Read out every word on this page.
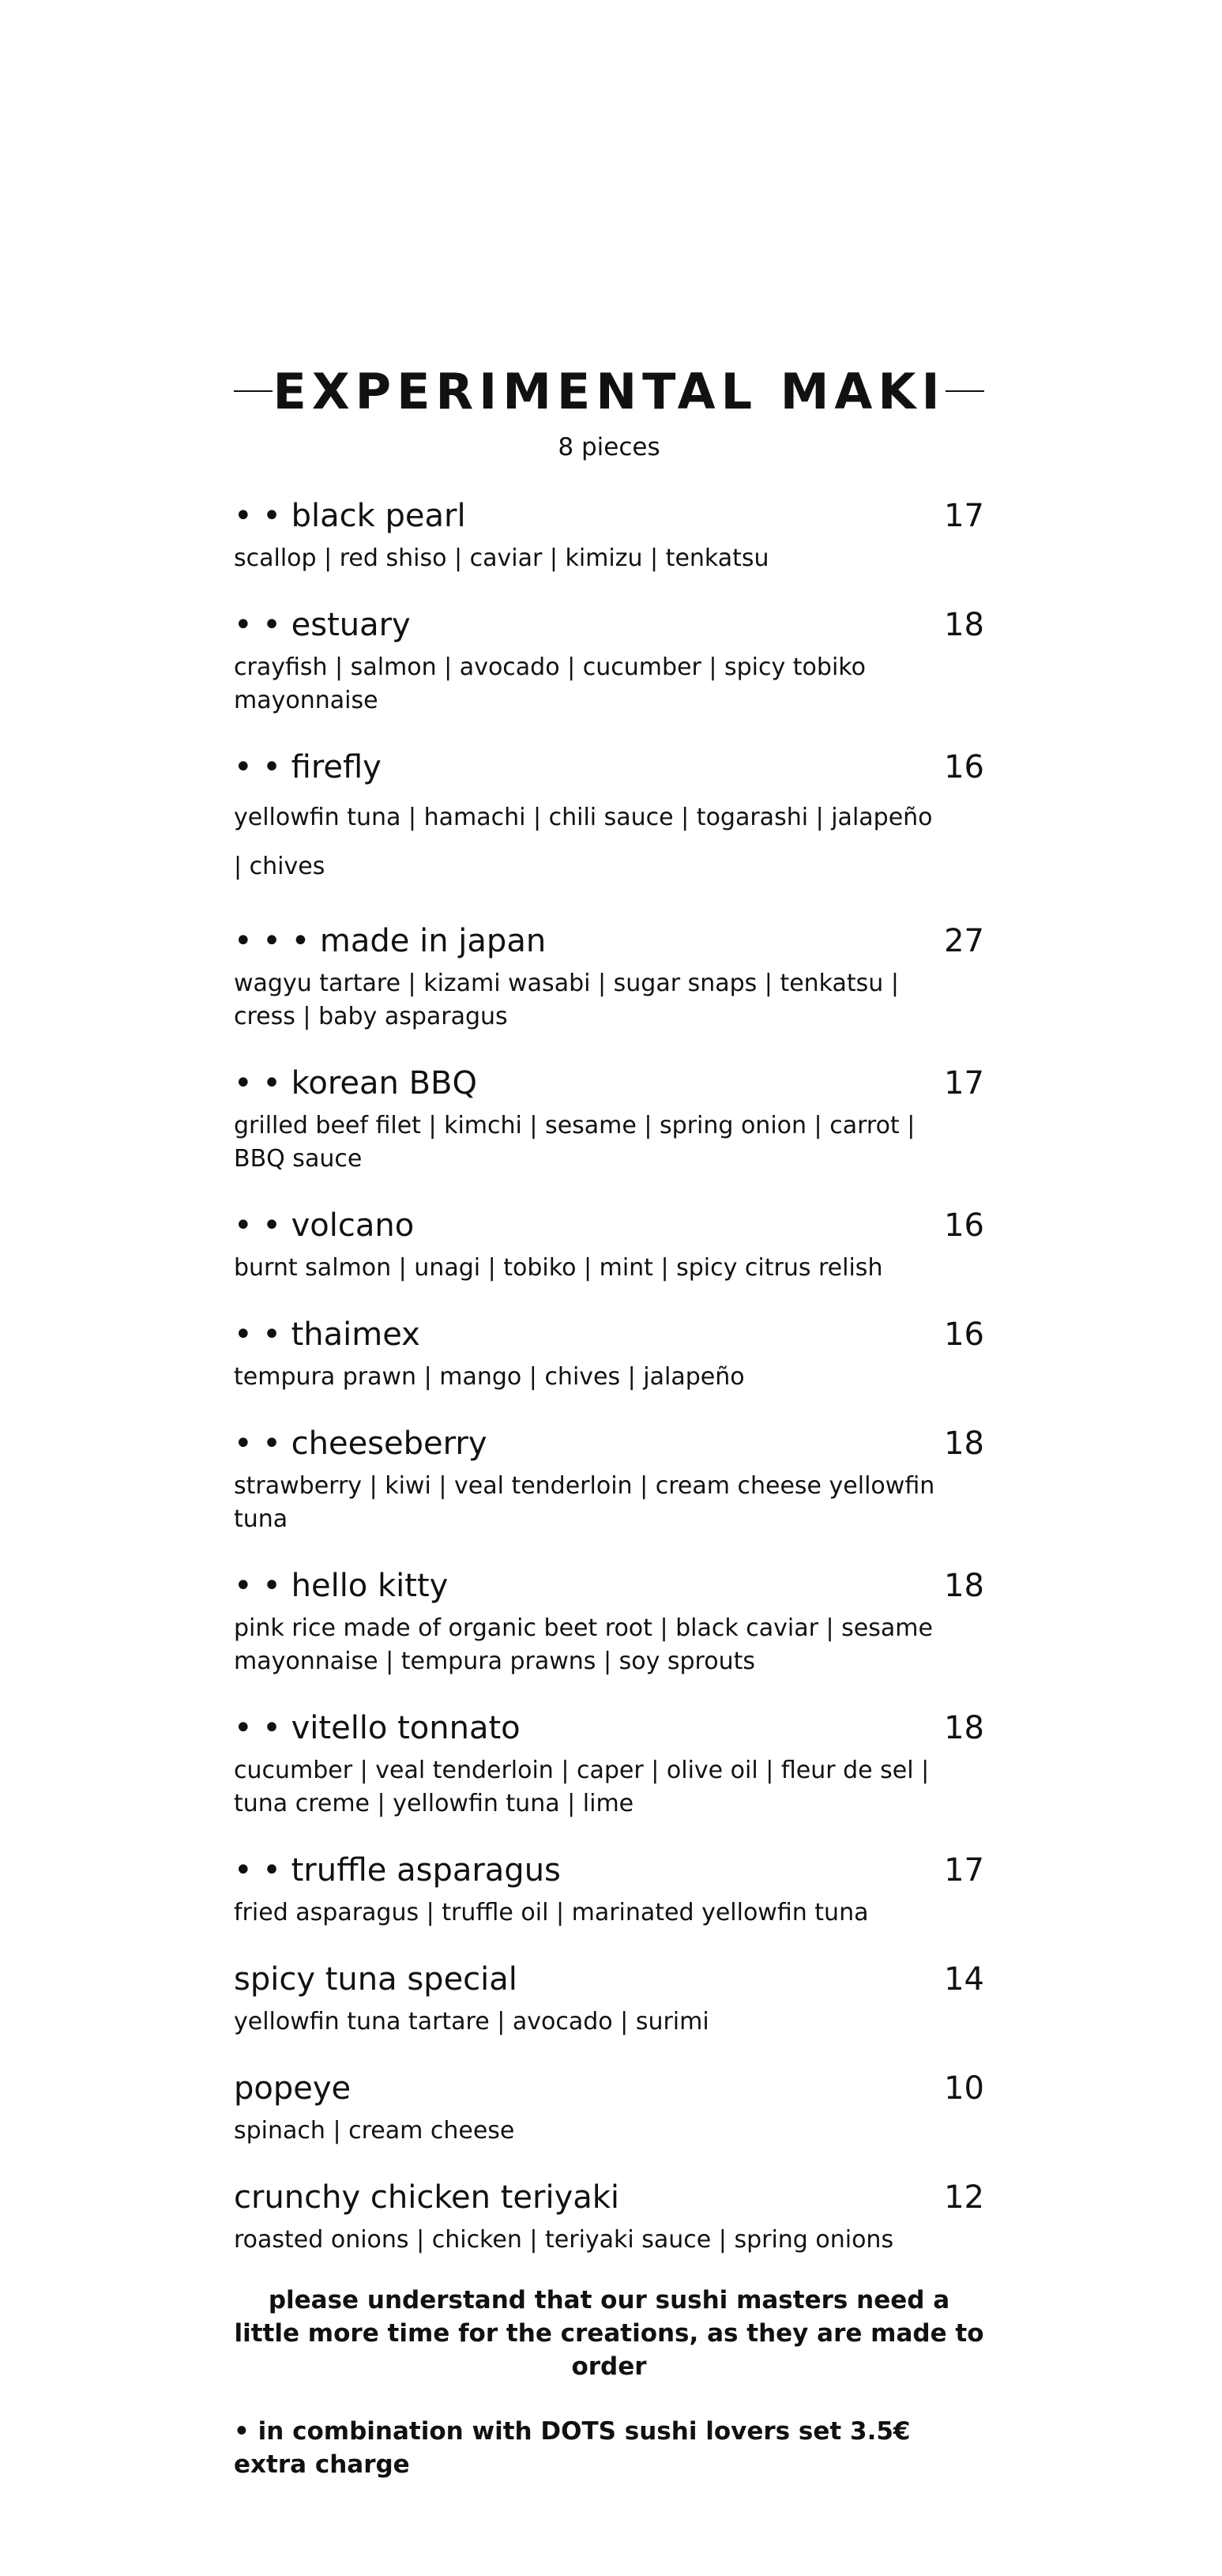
EXPERIMENTAL MAKI
8 pieces
• • black pearl	17
scallop | red shiso | caviar | kimizu | tenkatsu
• • estuary	18
crayfish | salmon | avocado | cucumber | spicy tobiko mayonnaise
• • firefly	16
yellowfin tuna | hamachi | chili sauce | togarashi | jalapeño | chives
• • • made in japan	27
wagyu tartare | kizami wasabi | sugar snaps | tenkatsu | cress | baby asparagus
• • korean BBQ	17
grilled beef filet | kimchi | sesame | spring onion | carrot | BBQ sauce
• • volcano	16
burnt salmon | unagi | tobiko | mint | spicy citrus relish
• • thaimex	16
tempura prawn | mango | chives | jalapeño
• • cheeseberry	18
strawberry | kiwi | veal tenderloin | cream cheese yellowfin tuna
• • hello kitty	18
pink rice made of organic beet root | black caviar | sesame mayonnaise | tempura prawns | soy sprouts
• • vitello tonnato	18
cucumber | veal tenderloin | caper | olive oil | fleur de sel | tuna creme | yellowfin tuna | lime
• • truffle asparagus	17
fried asparagus | truffle oil | marinated yellowfin tuna
spicy tuna special	14
yellowfin tuna tartare | avocado | surimi
popeye	10
spinach | cream cheese
crunchy chicken teriyaki	12
roasted onions | chicken | teriyaki sauce | spring onions
please understand that our sushi masters need a little more time for the creations, as they are made to order
• in combination with DOTS sushi lovers set 3.5€ extra charge
